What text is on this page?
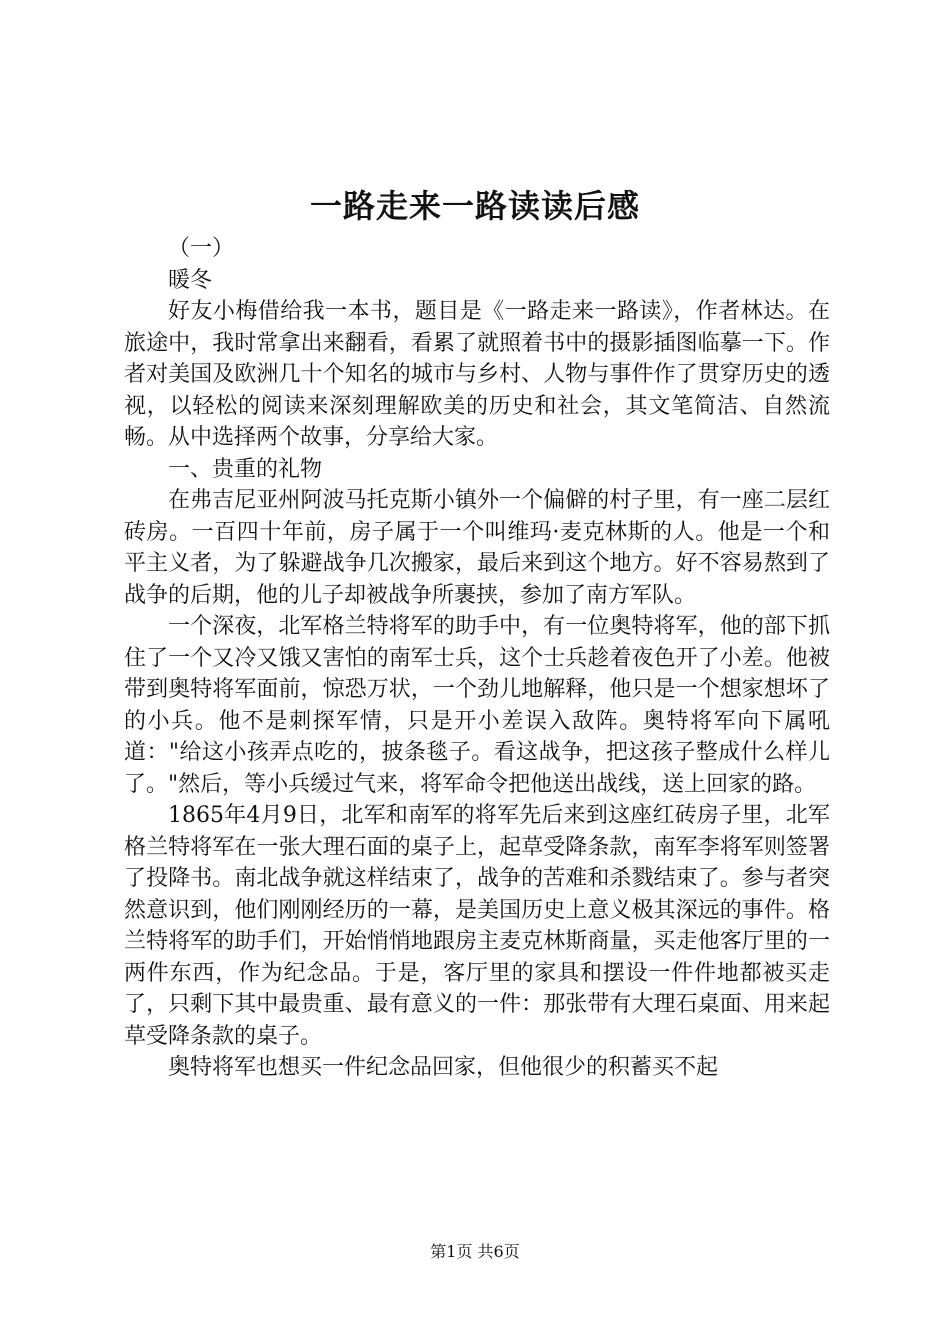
一路走来一路读读后感

（一）

暖冬

好友小梅借给我一本书，题目是《一路走来一路读》，作者林达。在旅途中，我时常拿出来翻看，看累了就照着书中的摄影插图临摹一下。作者对美国及欧洲几十个知名的城市与乡村、人物与事件作了贯穿历史的透视，以轻松的阅读来深刻理解欧美的历史和社会，其文笔简洁、自然流畅。从中选择两个故事，分享给大家。

一、贵重的礼物

在弗吉尼亚州阿波马托克斯小镇外一个偏僻的村子里，有一座二层红砖房。一百四十年前，房子属于一个叫维玛·麦克林斯的人。他是一个和平主义者，为了躲避战争几次搬家，最后来到这个地方。好不容易熬到了战争的后期，他的儿子却被战争所裹挟，参加了南方军队。

一个深夜，北军格兰特将军的助手中，有一位奥特将军，他的部下抓住了一个又冷又饿又害怕的南军士兵，这个士兵趁着夜色开了小差。他被带到奥特将军面前，惊恐万状，一个劲儿地解释，他只是一个想家想坏了的小兵。他不是刺探军情，只是开小差误入敌阵。奥特将军向下属吼道："给这小孩弄点吃的，披条毯子。看这战争，把这孩子整成什么样儿了。"然后，等小兵缓过气来，将军命令把他送出战线，送上回家的路。

1865年4月9日，北军和南军的将军先后来到这座红砖房子里，北军格兰特将军在一张大理石面的桌子上，起草受降条款，南军李将军则签署了投降书。南北战争就这样结束了，战争的苦难和杀戮结束了。参与者突然意识到，他们刚刚经历的一幕，是美国历史上意义极其深远的事件。格兰特将军的助手们，开始悄悄地跟房主麦克林斯商量，买走他客厅里的一两件东西，作为纪念品。于是，客厅里的家具和摆设一件件地都被买走了，只剩下其中最贵重、最有意义的一件：那张带有大理石桌面、用来起草受降条款的桌子。

奥特将军也想买一件纪念品回家，但他很少的积蓄买不起

第1页 共6页
